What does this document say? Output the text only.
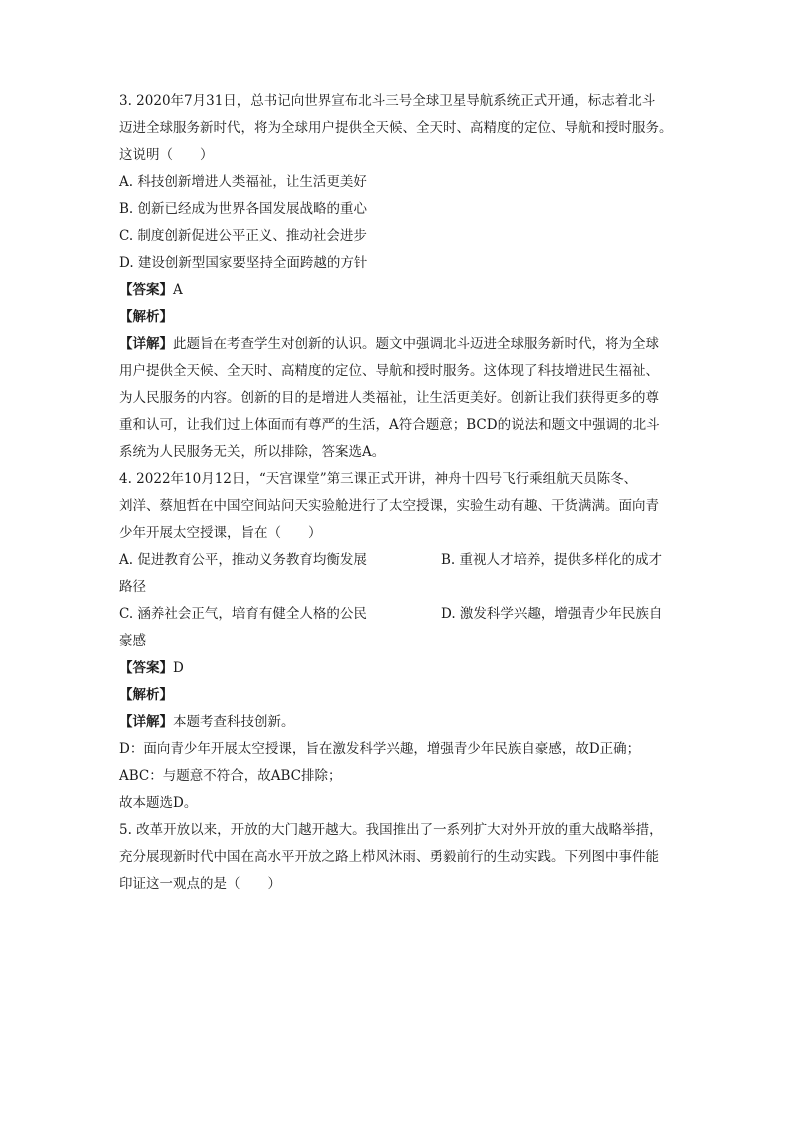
3. 2020年7月31日，总书记向世界宣布北斗三号全球卫星导航系统正式开通，标志着北斗
迈进全球服务新时代，将为全球用户提供全天候、全天时、高精度的定位、导航和授时服务。
这说明（　　）
A. 科技创新增进人类福祉，让生活更美好
B. 创新已经成为世界各国发展战略的重心
C. 制度创新促进公平正义、推动社会进步
D. 建设创新型国家要坚持全面跨越的方针
【答案】A
【解析】
【详解】此题旨在考查学生对创新的认识。题文中强调北斗迈进全球服务新时代，将为全球
用户提供全天候、全天时、高精度的定位、导航和授时服务。这体现了科技增进民生福祉、
为人民服务的内容。创新的目的是增进人类福祉，让生活更美好。创新让我们获得更多的尊
重和认可，让我们过上体面而有尊严的生活，A符合题意；BCD的说法和题文中强调的北斗
系统为人民服务无关，所以排除，答案选A。
4. 2022年10月12日，“天宫课堂”第三课正式开讲，神舟十四号飞行乘组航天员陈冬、
刘洋、蔡旭哲在中国空间站问天实验舱进行了太空授课，实验生动有趣、干货满满。面向青
少年开展太空授课，旨在（　　）
A. 促进教育公平，推动义务教育均衡发展	B. 重视人才培养，提供多样化的成才
路径
C. 涵养社会正气，培育有健全人格的公民	D. 激发科学兴趣，增强青少年民族自
豪感
【答案】D
【解析】
【详解】本题考查科技创新。
D：面向青少年开展太空授课，旨在激发科学兴趣，增强青少年民族自豪感，故D正确；
ABC：与题意不符合，故ABC排除；
故本题选D。
5. 改革开放以来，开放的大门越开越大。我国推出了一系列扩大对外开放的重大战略举措，
充分展现新时代中国在高水平开放之路上栉风沐雨、勇毅前行的生动实践。下列图中事件能
印证这一观点的是（　　）
